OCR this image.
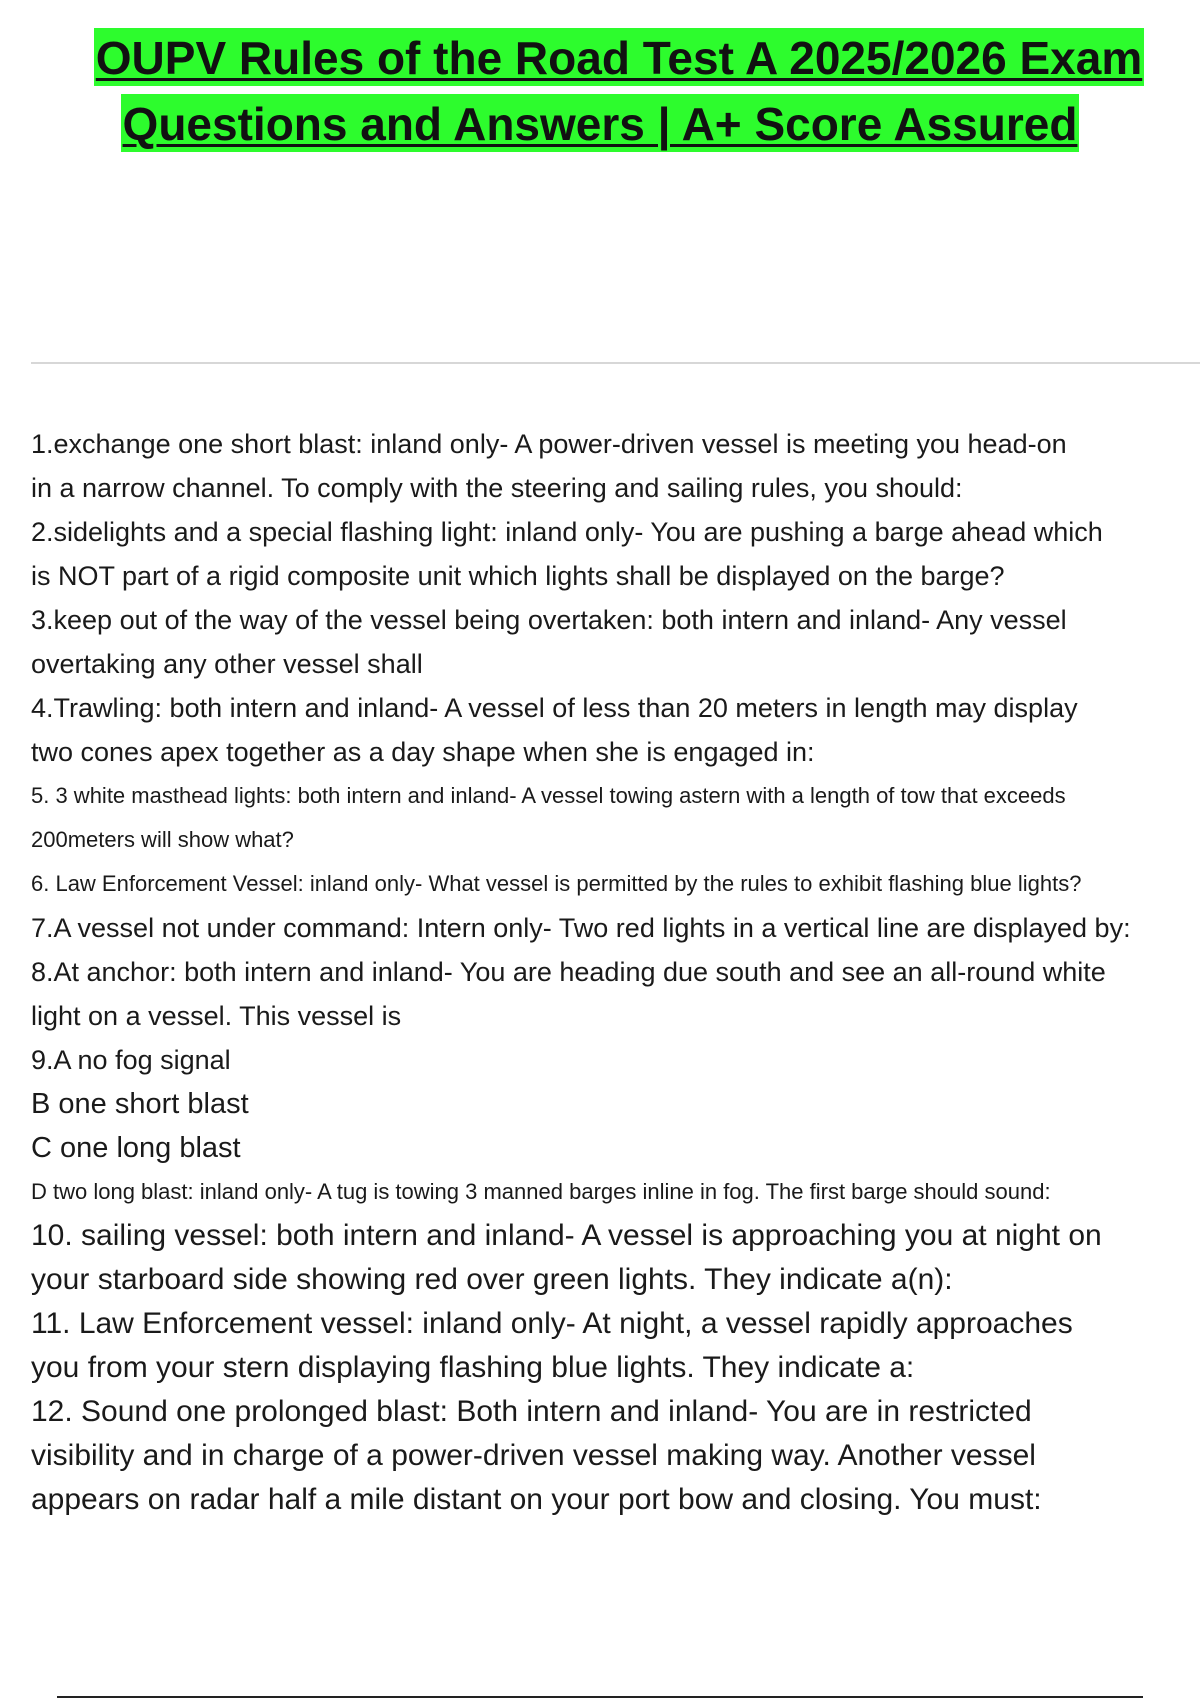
OUPV Rules of the Road Test A 2025/2026 Exam
Questions and Answers | A+ Score Assured

1.exchange one short blast: inland only- A power-driven vessel is meeting you head-on

in a narrow channel. To comply with the steering and sailing rules, you should:

2.sidelights and a special flashing light: inland only- You are pushing a barge ahead which

is NOT part of a rigid composite unit which lights shall be displayed on the barge?

3.keep out of the way of the vessel being overtaken: both intern and inland- Any vessel

overtaking any other vessel shall

4.Trawling: both intern and inland- A vessel of less than 20 meters in length may display

two cones apex together as a day shape when she is engaged in:

5. 3 white masthead lights: both intern and inland- A vessel towing astern with a length of tow that exceeds

200meters will show what?

6. Law Enforcement Vessel: inland only- What vessel is permitted by the rules to exhibit flashing blue lights?

7.A vessel not under command: Intern only- Two red lights in a vertical line are displayed by:

8.At anchor: both intern and inland- You are heading due south and see an all-round white

light on a vessel. This vessel is

9.A no fog signal

B one short blast

C one long blast

D two long blast: inland only- A tug is towing 3 manned barges inline in fog. The first barge should sound:

10. sailing vessel: both intern and inland- A vessel is approaching you at night on

your starboard side showing red over green lights. They indicate a(n):

11. Law Enforcement vessel: inland only- At night, a vessel rapidly approaches

you from your stern displaying flashing blue lights. They indicate a:

12. Sound one prolonged blast: Both intern and inland- You are in restricted

visibility and in charge of a power-driven vessel making way. Another vessel

appears on radar half a mile distant on your port bow and closing. You must:
